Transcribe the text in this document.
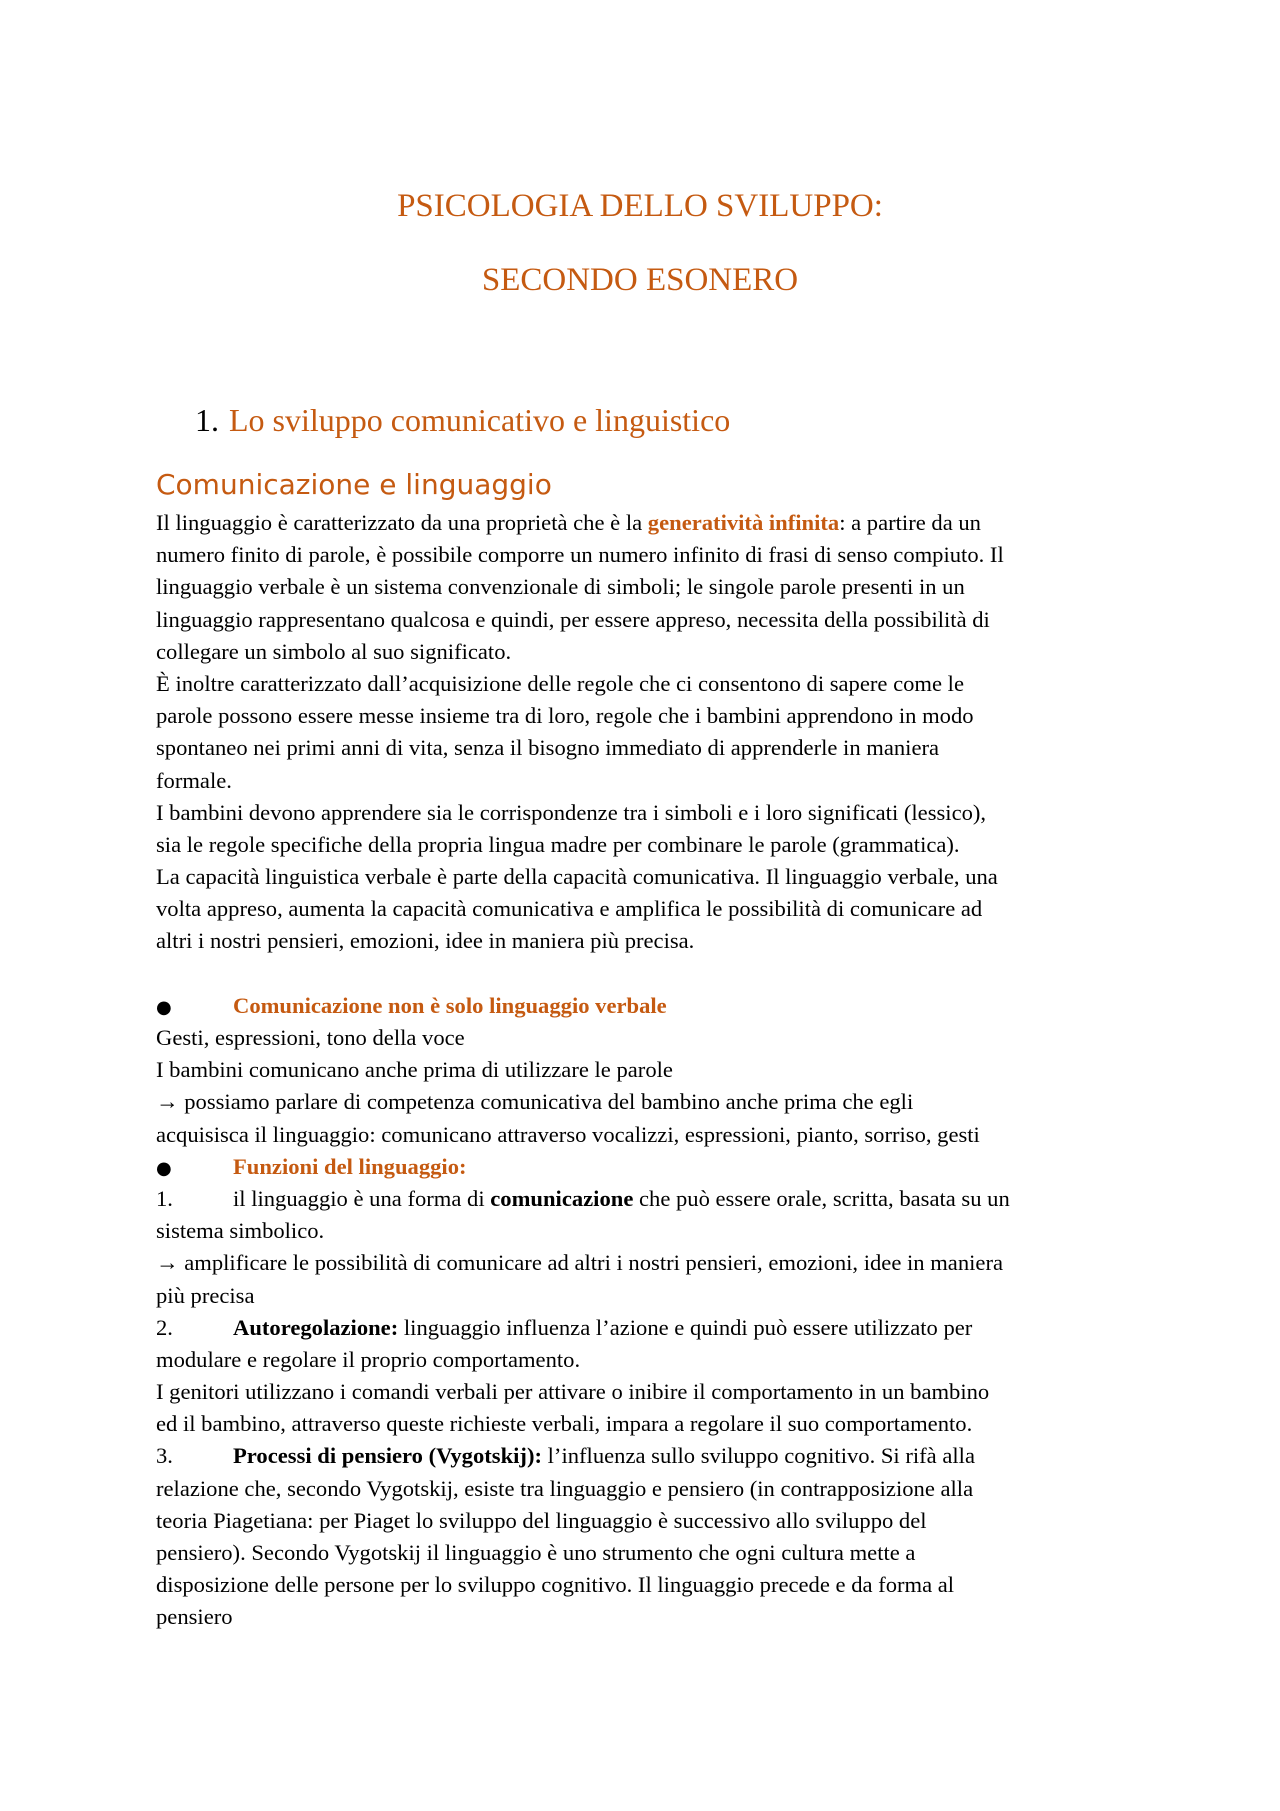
PSICOLOGIA DELLO SVILUPPO:
SECONDO ESONERO
1. Lo sviluppo comunicativo e linguistico
Comunicazione e linguaggio
Il linguaggio è caratterizzato da una proprietà che è la generatività infinita: a partire da un
numero finito di parole, è possibile comporre un numero infinito di frasi di senso compiuto. Il
linguaggio verbale è un sistema convenzionale di simboli; le singole parole presenti in un
linguaggio rappresentano qualcosa e quindi, per essere appreso, necessita della possibilità di
collegare un simbolo al suo significato.
È inoltre caratterizzato dall’acquisizione delle regole che ci consentono di sapere come le
parole possono essere messe insieme tra di loro, regole che i bambini apprendono in modo
spontaneo nei primi anni di vita, senza il bisogno immediato di apprenderle in maniera
formale.
I bambini devono apprendere sia le corrispondenze tra i simboli e i loro significati (lessico),
sia le regole specifiche della propria lingua madre per combinare le parole (grammatica).
La capacità linguistica verbale è parte della capacità comunicativa. Il linguaggio verbale, una
volta appreso, aumenta la capacità comunicativa e amplifica le possibilità di comunicare ad
altri i nostri pensieri, emozioni, idee in maniera più precisa.
●	Comunicazione non è solo linguaggio verbale
Gesti, espressioni, tono della voce
I bambini comunicano anche prima di utilizzare le parole
→ possiamo parlare di competenza comunicativa del bambino anche prima che egli
acquisisca il linguaggio: comunicano attraverso vocalizzi, espressioni, pianto, sorriso, gesti
●	Funzioni del linguaggio:
1.	il linguaggio è una forma di comunicazione che può essere orale, scritta, basata su un
sistema simbolico.
→ amplificare le possibilità di comunicare ad altri i nostri pensieri, emozioni, idee in maniera
più precisa
2.	Autoregolazione: linguaggio influenza l’azione e quindi può essere utilizzato per
modulare e regolare il proprio comportamento.
I genitori utilizzano i comandi verbali per attivare o inibire il comportamento in un bambino
ed il bambino, attraverso queste richieste verbali, impara a regolare il suo comportamento.
3.	Processi di pensiero (Vygotskij): l’influenza sullo sviluppo cognitivo. Si rifà alla
relazione che, secondo Vygotskij, esiste tra linguaggio e pensiero (in contrapposizione alla
teoria Piagetiana: per Piaget lo sviluppo del linguaggio è successivo allo sviluppo del
pensiero). Secondo Vygotskij il linguaggio è uno strumento che ogni cultura mette a
disposizione delle persone per lo sviluppo cognitivo. Il linguaggio precede e da forma al
pensiero
